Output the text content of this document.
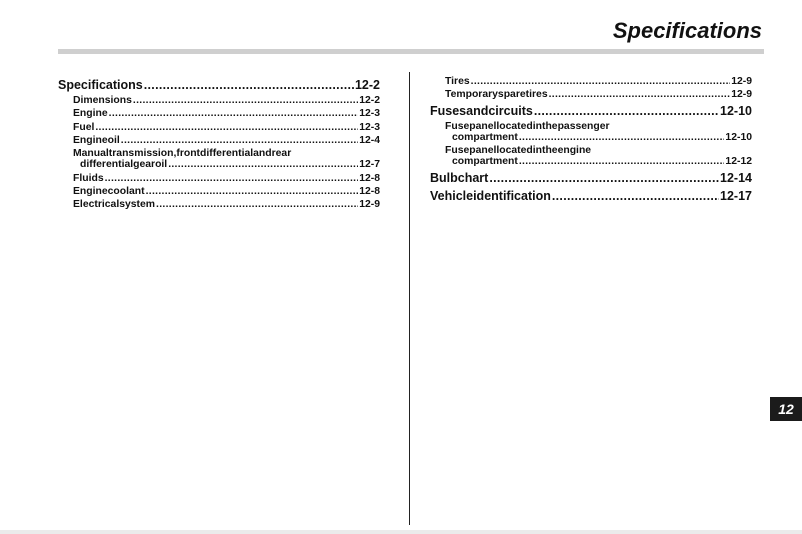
Specifications
Specifications .....	12-2
Dimensions .....	12-2
Engine .....	12-3
Fuel .....	12-3
Engineoil .....	12-4
Manualtransmission,frontdifferentialandrear
differentialgearoil .....	12-7
Fluids .....	12-8
Enginecoolant .....	12-8
Electricalsystem .....	12-9
Tires .....	12-9
Temporarysparetires .....	12-9
Fusesandcircuits .....	12-10
Fusepanellocatedinthepassenger
compartment .....	12-10
Fusepanellocatedintheengine
compartment .....	12-12
Bulbchart .....	12-14
Vehicleidentification .....	12-17
12
